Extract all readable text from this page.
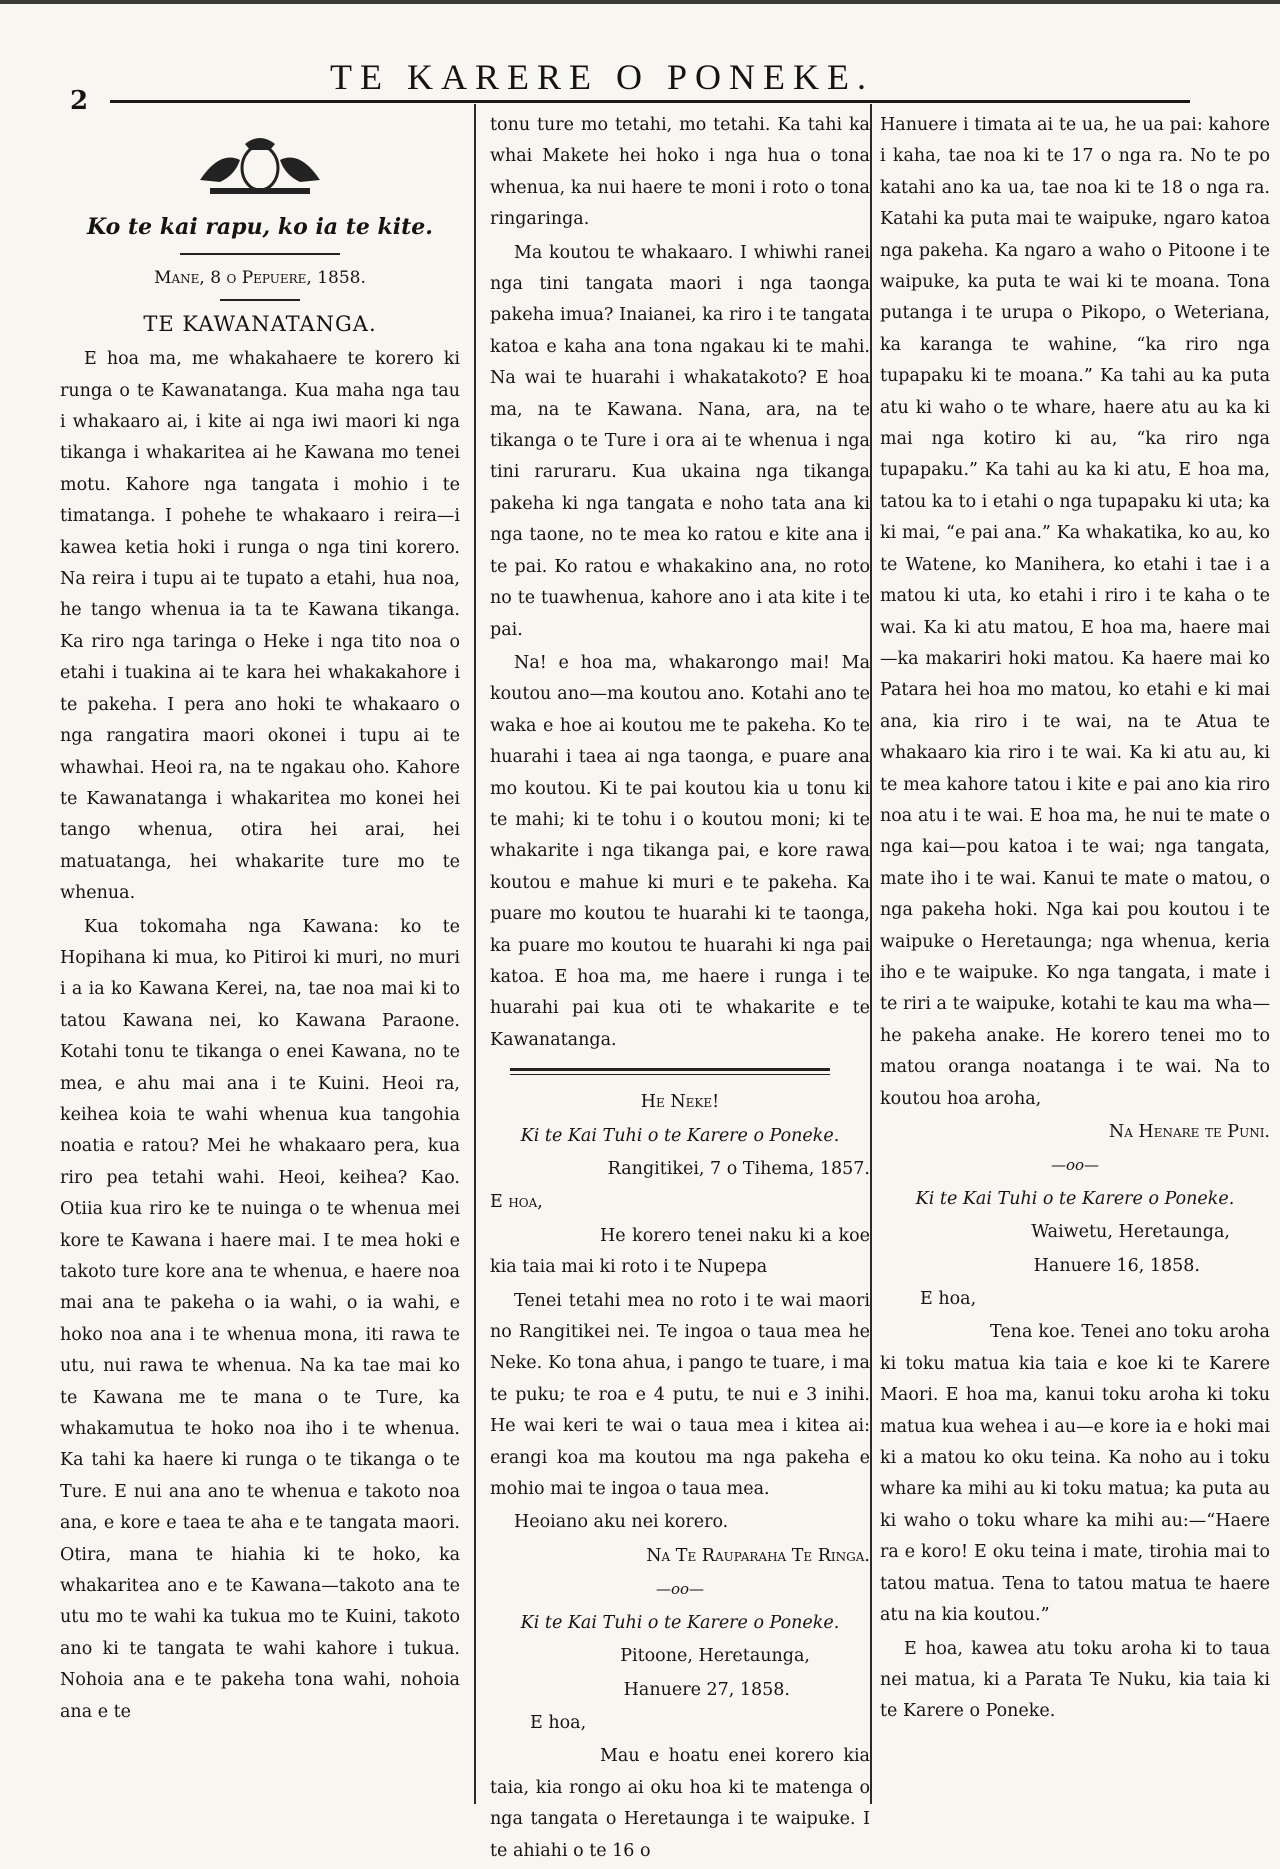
2
TE KARERE O PONEKE.
Ko te kai rapu, ko ia te kite.
Mane, 8 o Pepuere, 1858.
TE KAWANATANGA.

E hoa ma, me whakahaere te korero ki runga o te Kawanatanga. Kua maha nga tau i whakaaro ai, i kite ai nga iwi maori ki nga tikanga i whakaritea ai he Kawana mo tenei motu. Kahore nga tangata i mohio i te timatanga. I pohehe te whakaaro i reira—i kawea ketia hoki i runga o nga tini korero. Na reira i tupu ai te tupato a etahi, hua noa, he tango whenua ia ta te Kawana tikanga. Ka riro nga taringa o Heke i nga tito noa o etahi i tuakina ai te kara hei whakakahore i te pakeha. I pera ano hoki te whakaaro o nga rangatira maori okonei i tupu ai te whawhai. Heoi ra, na te ngakau oho. Kahore te Kawanatanga i whakaritea mo konei hei tango whenua, otira hei arai, hei matuatanga, hei whakarite ture mo te whenua.

Kua tokomaha nga Kawana: ko te Hopihana ki mua, ko Pitiroi ki muri, no muri i a ia ko Kawana Kerei, na, tae noa mai ki to tatou Kawana nei, ko Kawana Paraone. Kotahi tonu te tikanga o enei Kawana, no te mea, e ahu mai ana i te Kuini. Heoi ra, keihea koia te wahi whenua kua tangohia noatia e ratou? Mei he whakaaro pera, kua riro pea tetahi wahi. Heoi, keihea? Kao. Otiia kua riro ke te nuinga o te whenua mei kore te Kawana i haere mai. I te mea hoki e takoto ture kore ana te whenua, e haere noa mai ana te pakeha o ia wahi, o ia wahi, e hoko noa ana i te whenua mona, iti rawa te utu, nui rawa te whenua. Na ka tae mai ko te Kawana me te mana o te Ture, ka whakamutua te hoko noa iho i te whenua. Ka tahi ka haere ki runga o te tikanga o te Ture. E nui ana ano te whenua e takoto noa ana, e kore e taea te aha e te tangata maori. Otira, mana te hiahia ki te hoko, ka whakaritea ano e te Kawana—takoto ana te utu mo te wahi ka tukua mo te Kuini, takoto ano ki te tangata te wahi kahore i tukua. Nohoia ana e te pakeha tona wahi, nohoia ana e te

tonu ture mo tetahi, mo tetahi. Ka tahi ka whai Makete hei hoko i nga hua o tona whenua, ka nui haere te moni i roto o tona ringaringa.

Ma koutou te whakaaro. I whiwhi ranei nga tini tangata maori i nga taonga pakeha imua? Inaianei, ka riro i te tangata katoa e kaha ana tona ngakau ki te mahi. Na wai te huarahi i whakatakoto? E hoa ma, na te Kawana. Nana, ara, na te tikanga o te Ture i ora ai te whenua i nga tini raruraru. Kua ukaina nga tikanga pakeha ki nga tangata e noho tata ana ki nga taone, no te mea ko ratou e kite ana i te pai. Ko ratou e whakakino ana, no roto no te tuawhenua, kahore ano i ata kite i te pai.

Na! e hoa ma, whakarongo mai! Ma koutou ano—ma koutou ano. Kotahi ano te waka e hoe ai koutou me te pakeha. Ko te huarahi i taea ai nga taonga, e puare ana mo koutou. Ki te pai koutou kia u tonu ki te mahi; ki te tohu i o koutou moni; ki te whakarite i nga tikanga pai, e kore rawa koutou e mahue ki muri e te pakeha. Ka puare mo koutou te huarahi ki te taonga, ka puare mo koutou te huarahi ki nga pai katoa. E hoa ma, me haere i runga i te huarahi pai kua oti te whakarite e te Kawanatanga.

He Neke!

Ki te Kai Tuhi o te Karere o Poneke.

Rangitikei, 7 o Tihema, 1857.

E hoa,

He korero tenei naku ki a koe kia taia mai ki roto i te Nupepa

Tenei tetahi mea no roto i te wai maori no Rangitikei nei. Te ingoa o taua mea he Neke. Ko tona ahua, i pango te tuare, i ma te puku; te roa e 4 putu, te nui e 3 inihi. He wai keri te wai o taua mea i kitea ai: erangi koa ma koutou ma nga pakeha e mohio mai te ingoa o taua mea.

Heoiano aku nei korero.

Na Te Rauparaha Te Ringa.

—oo—

Ki te Kai Tuhi o te Karere o Poneke.

Pitoone, Heretaunga,

Hanuere 27, 1858.

E hoa,

Mau e hoatu enei korero kia taia, kia rongo ai oku hoa ki te matenga o nga tangata o Heretaunga i te waipuke. I te ahiahi o te 16 o

Hanuere i timata ai te ua, he ua pai: kahore i kaha, tae noa ki te 17 o nga ra. No te po katahi ano ka ua, tae noa ki te 18 o nga ra. Katahi ka puta mai te waipuke, ngaro katoa nga pakeha. Ka ngaro a waho o Pitoone i te waipuke, ka puta te wai ki te moana. Tona putanga i te urupa o Pikopo, o Weteriana, ka karanga te wahine, “ka riro nga tupapaku ki te moana.” Ka tahi au ka puta atu ki waho o te whare, haere atu au ka ki mai nga kotiro ki au, “ka riro nga tupapaku.” Ka tahi au ka ki atu, E hoa ma, tatou ka to i etahi o nga tupapaku ki uta; ka ki mai, “e pai ana.” Ka whakatika, ko au, ko te Watene, ko Manihera, ko etahi i tae i a matou ki uta, ko etahi i riro i te kaha o te wai. Ka ki atu matou, E hoa ma, haere mai—ka makariri hoki matou. Ka haere mai ko Patara hei hoa mo matou, ko etahi e ki mai ana, kia riro i te wai, na te Atua te whakaaro kia riro i te wai. Ka ki atu au, ki te mea kahore tatou i kite e pai ano kia riro noa atu i te wai. E hoa ma, he nui te mate o nga kai—pou katoa i te wai; nga tangata, mate iho i te wai. Kanui te mate o matou, o nga pakeha hoki. Nga kai pou koutou i te waipuke o Heretaunga; nga whenua, keria iho e te waipuke. Ko nga tangata, i mate i te riri a te waipuke, kotahi te kau ma wha—he pakeha anake. He korero tenei mo to matou oranga noatanga i te wai. Na to koutou hoa aroha,

Na Henare te Puni.

—oo—

Ki te Kai Tuhi o te Karere o Poneke.

Waiwetu, Heretaunga,

Hanuere 16, 1858.

E hoa,

Tena koe. Tenei ano toku aroha ki toku matua kia taia e koe ki te Karere Maori. E hoa ma, kanui toku aroha ki toku matua kua wehea i au—e kore ia e hoki mai ki a matou ko oku teina. Ka noho au i toku whare ka mihi au ki toku matua; ka puta au ki waho o toku whare ka mihi au:—“Haere ra e koro! E oku teina i mate, tirohia mai to tatou matua. Tena to tatou matua te haere atu na kia koutou.”

E hoa, kawea atu toku aroha ki to taua nei matua, ki a Parata Te Nuku, kia taia ki te Karere o Poneke.
